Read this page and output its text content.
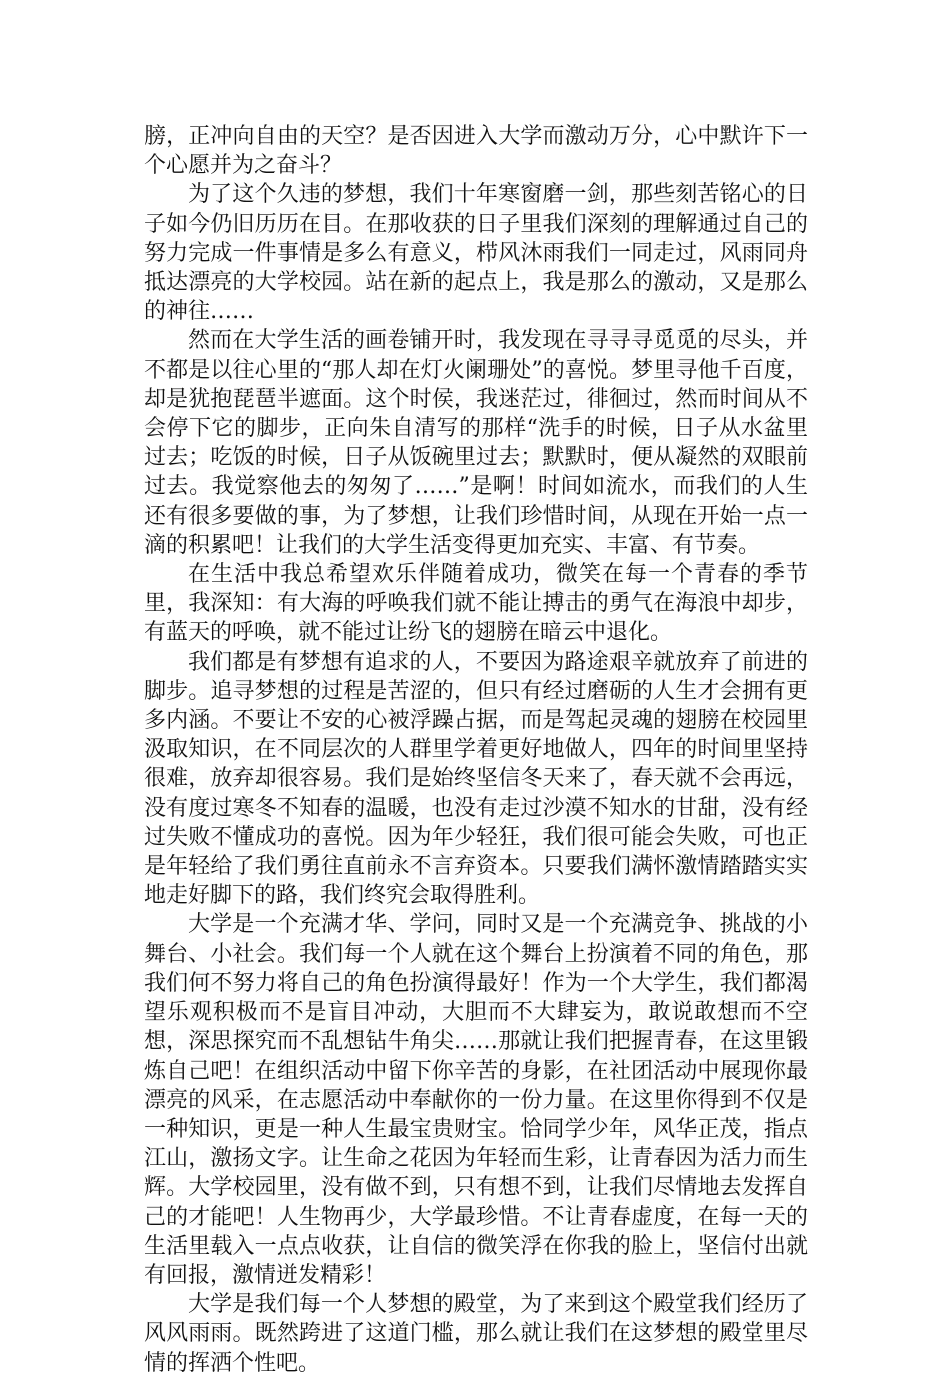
膀，正冲向自由的天空？是否因进入大学而激动万分，心中默许下一个心愿并为之奋斗？

为了这个久违的梦想，我们十年寒窗磨一剑，那些刻苦铭心的日子如今仍旧历历在目。在那收获的日子里我们深刻的理解通过自己的努力完成一件事情是多么有意义，栉风沐雨我们一同走过，风雨同舟抵达漂亮的大学校园。站在新的起点上，我是那么的激动，又是那么的神往……

然而在大学生活的画卷铺开时，我发现在寻寻寻觅觅的尽头，并不都是以往心里的“那人却在灯火阑珊处”的喜悦。梦里寻他千百度，却是犹抱琵琶半遮面。这个时侯，我迷茫过，徘徊过，然而时间从不会停下它的脚步，正向朱自清写的那样“洗手的时候，日子从水盆里过去；吃饭的时候，日子从饭碗里过去；默默时，便从凝然的双眼前过去。我觉察他去的匆匆了……”是啊！时间如流水，而我们的人生还有很多要做的事，为了梦想，让我们珍惜时间，从现在开始一点一滴的积累吧！让我们的大学生活变得更加充实、丰富、有节奏。

在生活中我总希望欢乐伴随着成功，微笑在每一个青春的季节里，我深知：有大海的呼唤我们就不能让搏击的勇气在海浪中却步，有蓝天的呼唤，就不能过让纷飞的翅膀在暗云中退化。

我们都是有梦想有追求的人，不要因为路途艰辛就放弃了前进的脚步。追寻梦想的过程是苦涩的，但只有经过磨砺的人生才会拥有更多内涵。不要让不安的心被浮躁占据，而是驾起灵魂的翅膀在校园里汲取知识，在不同层次的人群里学着更好地做人，四年的时间里坚持很难，放弃却很容易。我们是始终坚信冬天来了，春天就不会再远，没有度过寒冬不知春的温暖，也没有走过沙漠不知水的甘甜，没有经过失败不懂成功的喜悦。因为年少轻狂，我们很可能会失败，可也正是年轻给了我们勇往直前永不言弃资本。只要我们满怀激情踏踏实实地走好脚下的路，我们终究会取得胜利。

大学是一个充满才华、学问，同时又是一个充满竞争、挑战的小舞台、小社会。我们每一个人就在这个舞台上扮演着不同的角色，那我们何不努力将自己的角色扮演得最好！作为一个大学生，我们都渴望乐观积极而不是盲目冲动，大胆而不大肆妄为，敢说敢想而不空想，深思探究而不乱想钻牛角尖……那就让我们把握青春，在这里锻炼自己吧！在组织活动中留下你辛苦的身影，在社团活动中展现你最漂亮的风采，在志愿活动中奉献你的一份力量。在这里你得到不仅是一种知识，更是一种人生最宝贵财宝。恰同学少年，风华正茂，指点江山，激扬文字。让生命之花因为年轻而生彩，让青春因为活力而生辉。大学校园里，没有做不到，只有想不到，让我们尽情地去发挥自己的才能吧！人生物再少，大学最珍惜。不让青春虚度，在每一天的生活里载入一点点收获，让自信的微笑浮在你我的脸上，坚信付出就有回报，激情迸发精彩！

大学是我们每一个人梦想的殿堂，为了来到这个殿堂我们经历了风风雨雨。既然跨进了这道门槛，那么就让我们在这梦想的殿堂里尽情的挥洒个性吧。
